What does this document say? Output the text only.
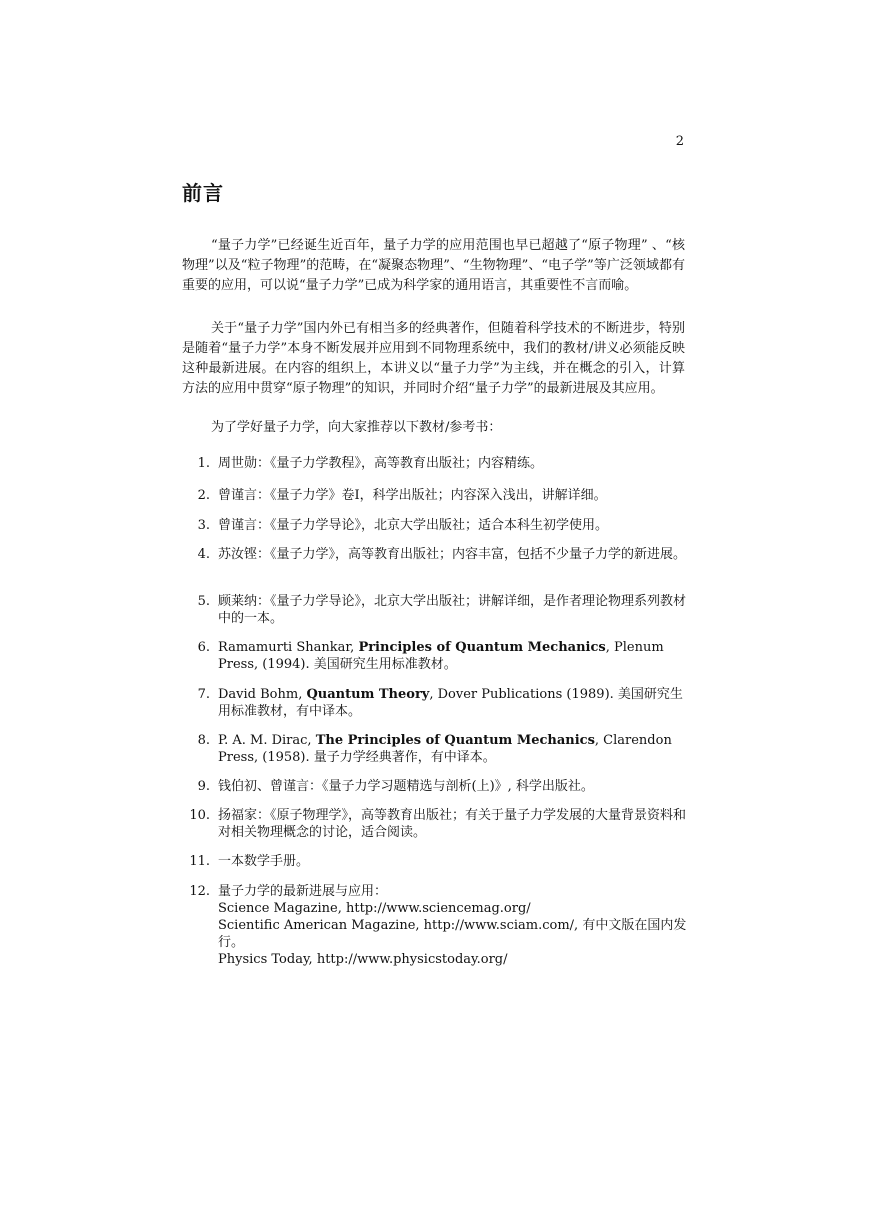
2
前言

“量子力学”已经诞生近百年，量子力学的应用范围也早已超越了“原子物理” 、“核物理”以及“粒子物理”的范畴，在“凝聚态物理”、“生物物理”、“电子学”等广泛领域都有重要的应用，可以说“量子力学”已成为科学家的通用语言，其重要性不言而喻。

关于“量子力学”国内外已有相当多的经典著作，但随着科学技术的不断进步，特别是随着“量子力学”本身不断发展并应用到不同物理系统中，我们的教材/讲义必须能反映这种最新进展。在内容的组织上，本讲义以“量子力学”为主线，并在概念的引入，计算方法的应用中贯穿“原子物理”的知识，并同时介绍“量子力学”的最新进展及其应用。

为了学好量子力学，向大家推荐以下教材/参考书：

1. 周世勋：《量子力学教程》，高等教育出版社；内容精练。
2. 曾谨言：《量子力学》卷I，科学出版社；内容深入浅出，讲解详细。
3. 曾谨言：《量子力学导论》，北京大学出版社；适合本科生初学使用。
4. 苏汝铿：《量子力学》，高等教育出版社；内容丰富，包括不少量子力学的新进展。
5. 顾莱纳：《量子力学导论》，北京大学出版社；讲解详细，是作者理论物理系列教材中的一本。
6. Ramamurti Shankar, Principles of Quantum Mechanics, Plenum Press, (1994). 美国研究生用标准教材。
7. David Bohm, Quantum Theory, Dover Publications (1989). 美国研究生用标准教材，有中译本。
8. P. A. M. Dirac, The Principles of Quantum Mechanics, Clarendon Press, (1958). 量子力学经典著作，有中译本。
9. 钱伯初、曾谨言：《量子力学习题精选与剖析(上)》, 科学出版社。
10. 扬福家：《原子物理学》，高等教育出版社；有关于量子力学发展的大量背景资料和对相关物理概念的讨论，适合阅读。
11. 一本数学手册。
12. 量子力学的最新进展与应用：
Science Magazine, http://www.sciencemag.org/
Scientific American Magazine, http://www.sciam.com/, 有中文版在国内发行。
Physics Today, http://www.physicstoday.org/
